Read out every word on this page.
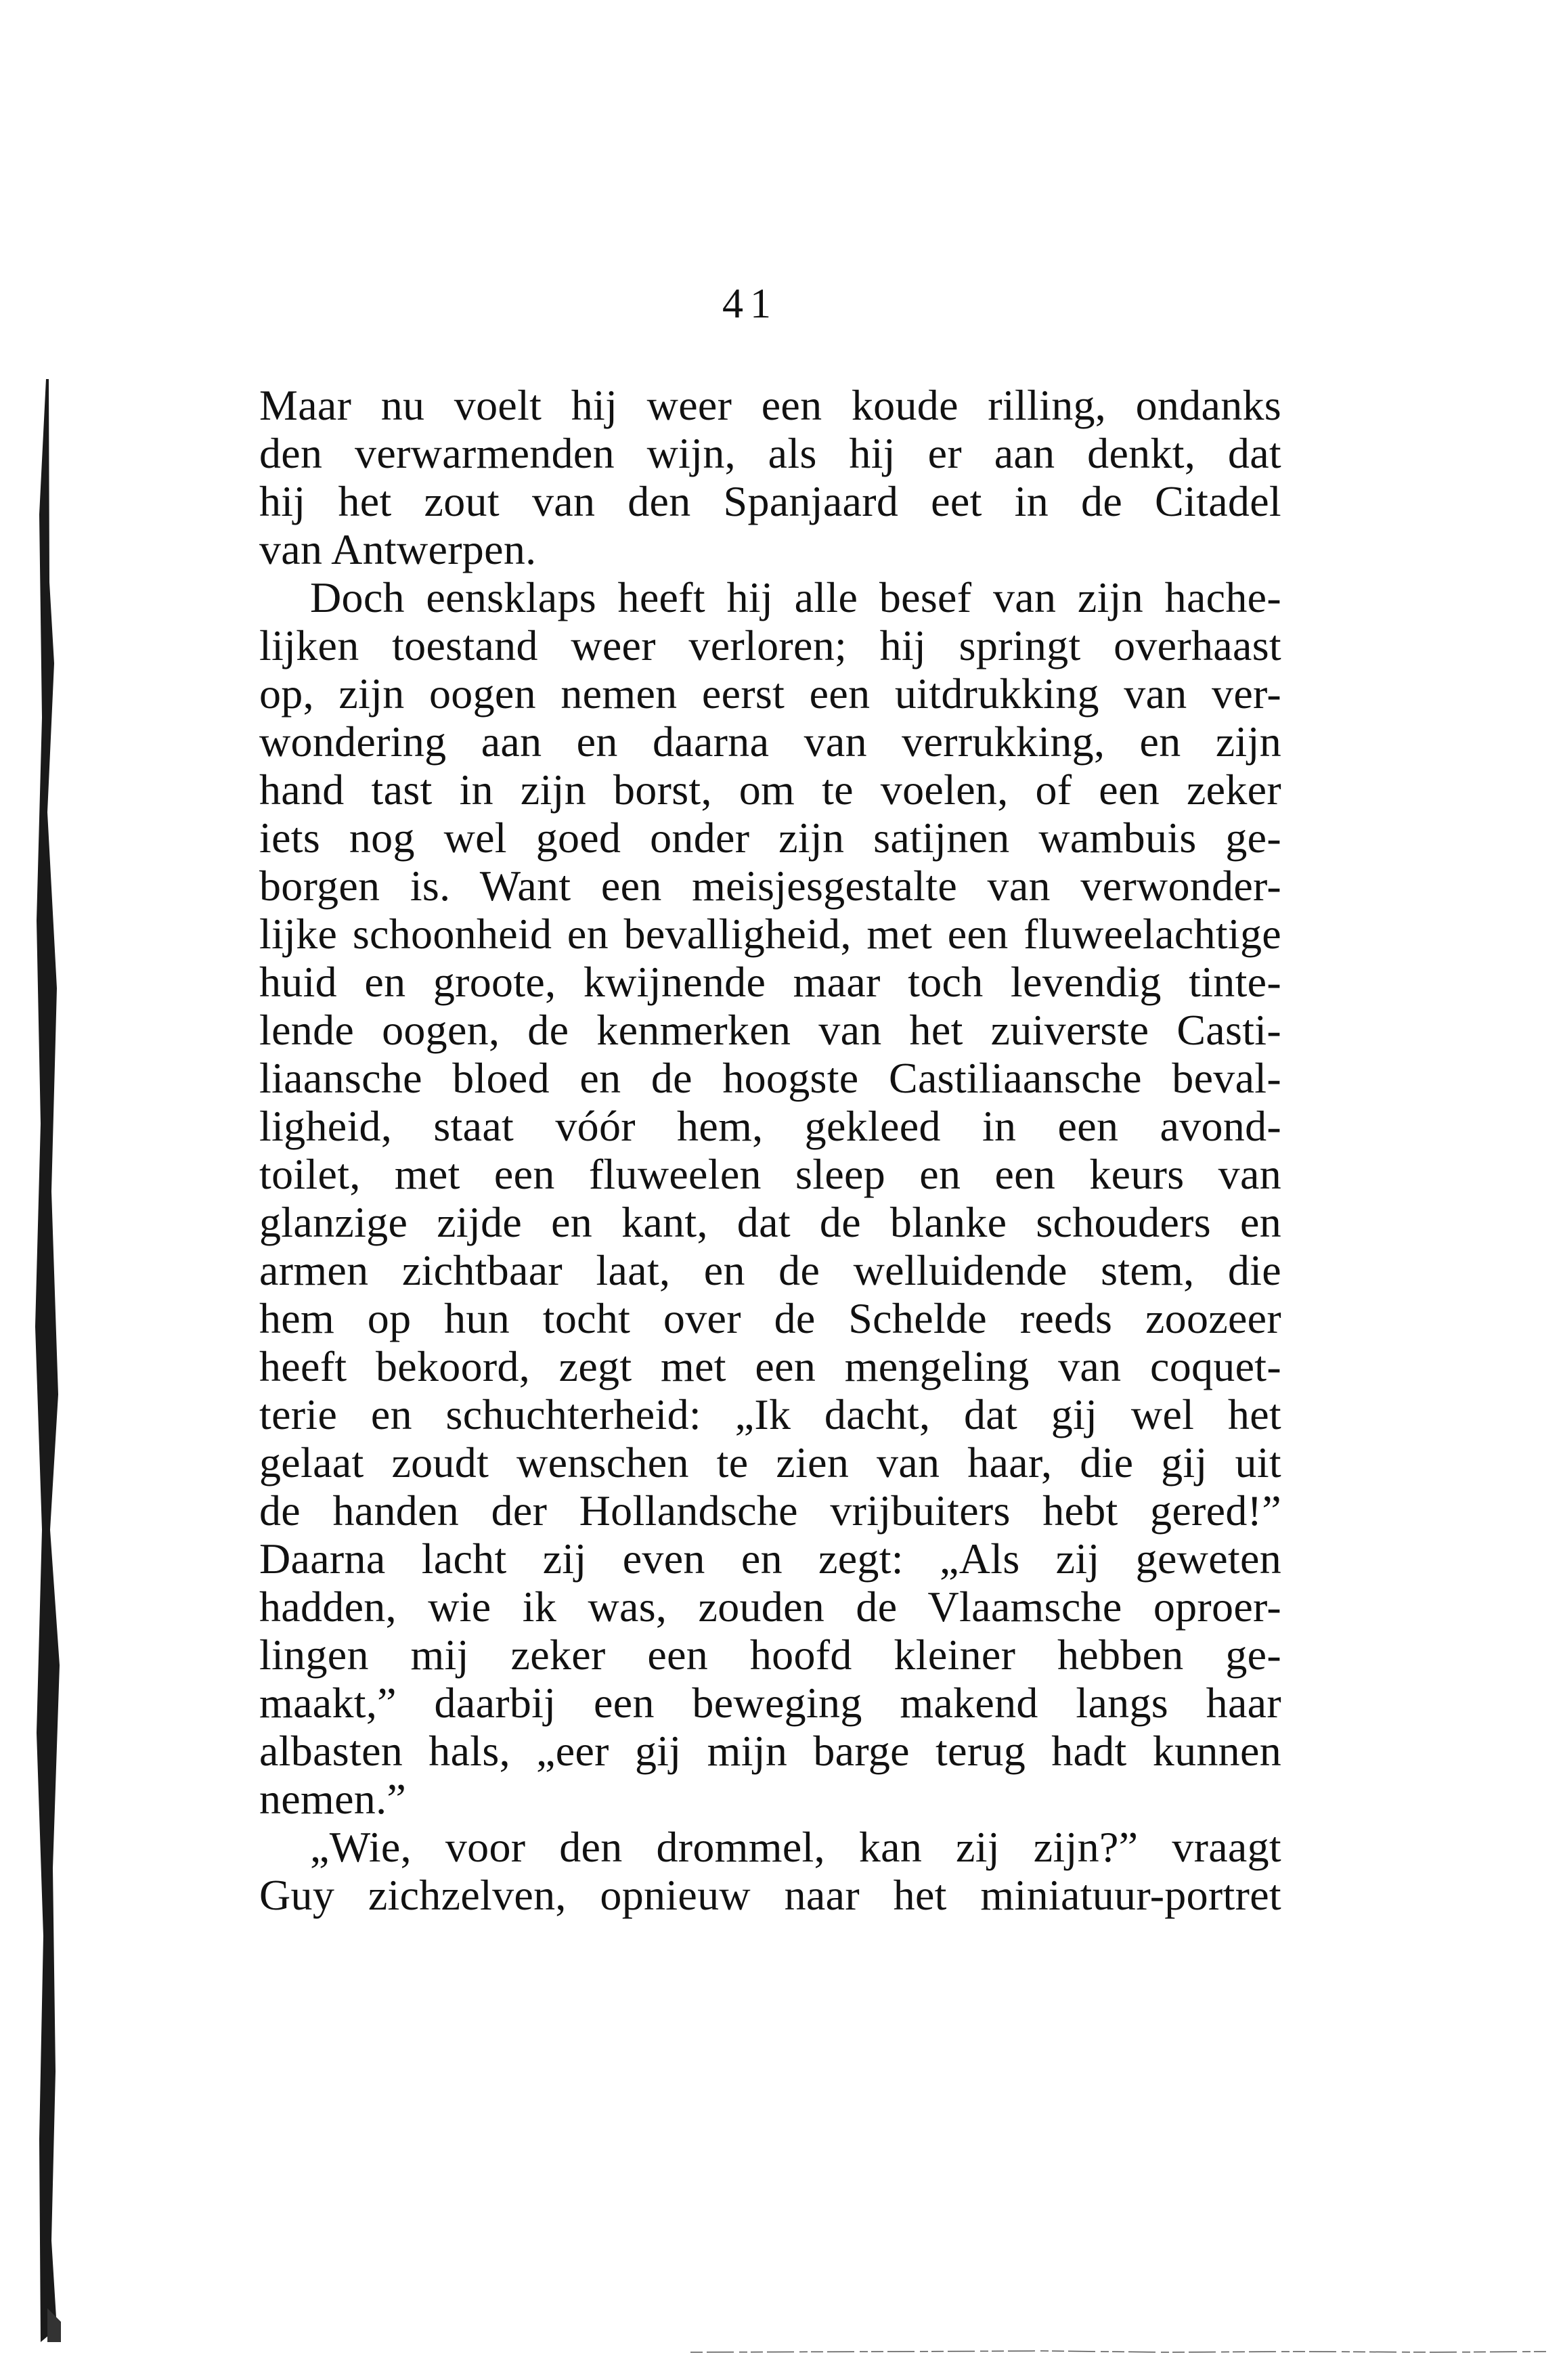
41
Maar nu voelt hij weer een koude rilling, ondanks
den verwarmenden wijn, als hij er aan denkt, dat
hij het zout van den Spanjaard eet in de Citadel
van Antwerpen.
Doch eensklaps heeft hij alle besef van zijn hache-
lijken toestand weer verloren; hij springt overhaast
op, zijn oogen nemen eerst een uitdrukking van ver-
wondering aan en daarna van verrukking, en zijn
hand tast in zijn borst, om te voelen, of een zeker
iets nog wel goed onder zijn satijnen wambuis ge-
borgen is. Want een meisjesgestalte van verwonder-
lijke schoonheid en bevalligheid, met een fluweelachtige
huid en groote, kwijnende maar toch levendig tinte-
lende oogen, de kenmerken van het zuiverste Casti-
liaansche bloed en de hoogste Castiliaansche beval-
ligheid, staat vóór hem, gekleed in een avond-
toilet, met een fluweelen sleep en een keurs van
glanzige zijde en kant, dat de blanke schouders en
armen zichtbaar laat, en de welluidende stem, die
hem op hun tocht over de Schelde reeds zoozeer
heeft bekoord, zegt met een mengeling van coquet-
terie en schuchterheid: „Ik dacht, dat gij wel het
gelaat zoudt wenschen te zien van haar, die gij uit
de handen der Hollandsche vrijbuiters hebt gered!”
Daarna lacht zij even en zegt: „Als zij geweten
hadden, wie ik was, zouden de Vlaamsche oproer-
lingen mij zeker een hoofd kleiner hebben ge-
maakt,” daarbij een beweging makend langs haar
albasten hals, „eer gij mijn barge terug hadt kunnen
nemen.”
„Wie, voor den drommel, kan zij zijn?” vraagt
Guy zichzelven, opnieuw naar het miniatuur-portret
